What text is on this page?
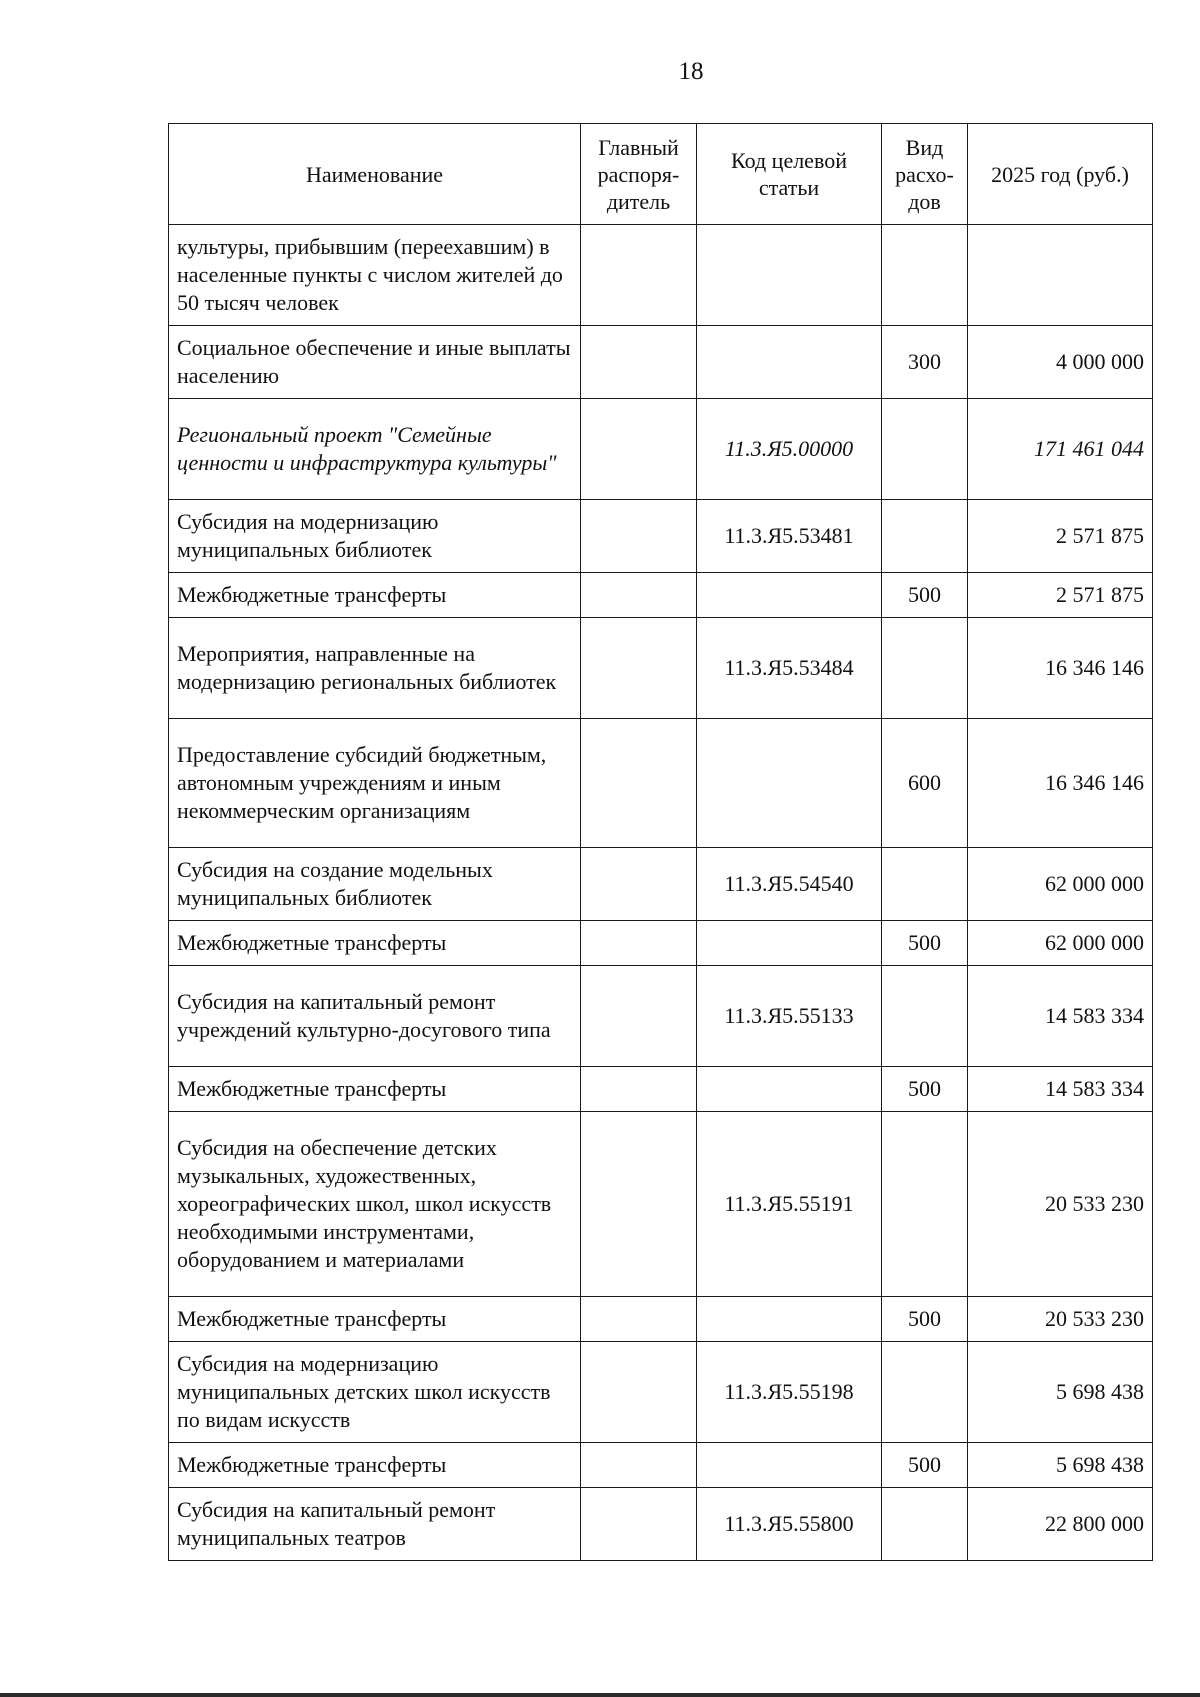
18
Наименование	Главный распоря-дитель	Код целевой статьи	Вид расхо-дов	2025 год (руб.)
культуры, прибывшим (переехавшим) в населенные пункты с числом жителей до 50 тысяч человек				
Социальное обеспечение и иные выплаты населению			300	4 000 000
Региональный проект "Семейные ценности и инфраструктура культуры"		11.3.Я5.00000		171 461 044
Субсидия на модернизацию муниципальных библиотек		11.3.Я5.53481		2 571 875
Межбюджетные трансферты			500	2 571 875
Мероприятия, направленные на модернизацию региональных библиотек		11.3.Я5.53484		16 346 146
Предоставление субсидий бюджетным, автономным учреждениям и иным некоммерческим организациям			600	16 346 146
Субсидия на создание модельных муниципальных библиотек		11.3.Я5.54540		62 000 000
Межбюджетные трансферты			500	62 000 000
Субсидия на капитальный ремонт учреждений культурно-досугового типа		11.3.Я5.55133		14 583 334
Межбюджетные трансферты			500	14 583 334
Субсидия на обеспечение детских музыкальных, художественных, хореографических школ, школ искусств необходимыми инструментами, оборудованием и материалами		11.3.Я5.55191		20 533 230
Межбюджетные трансферты			500	20 533 230
Субсидия на модернизацию муниципальных детских школ искусств по видам искусств		11.3.Я5.55198		5 698 438
Межбюджетные трансферты			500	5 698 438
Субсидия на капитальный ремонт муниципальных театров		11.3.Я5.55800		22 800 000
